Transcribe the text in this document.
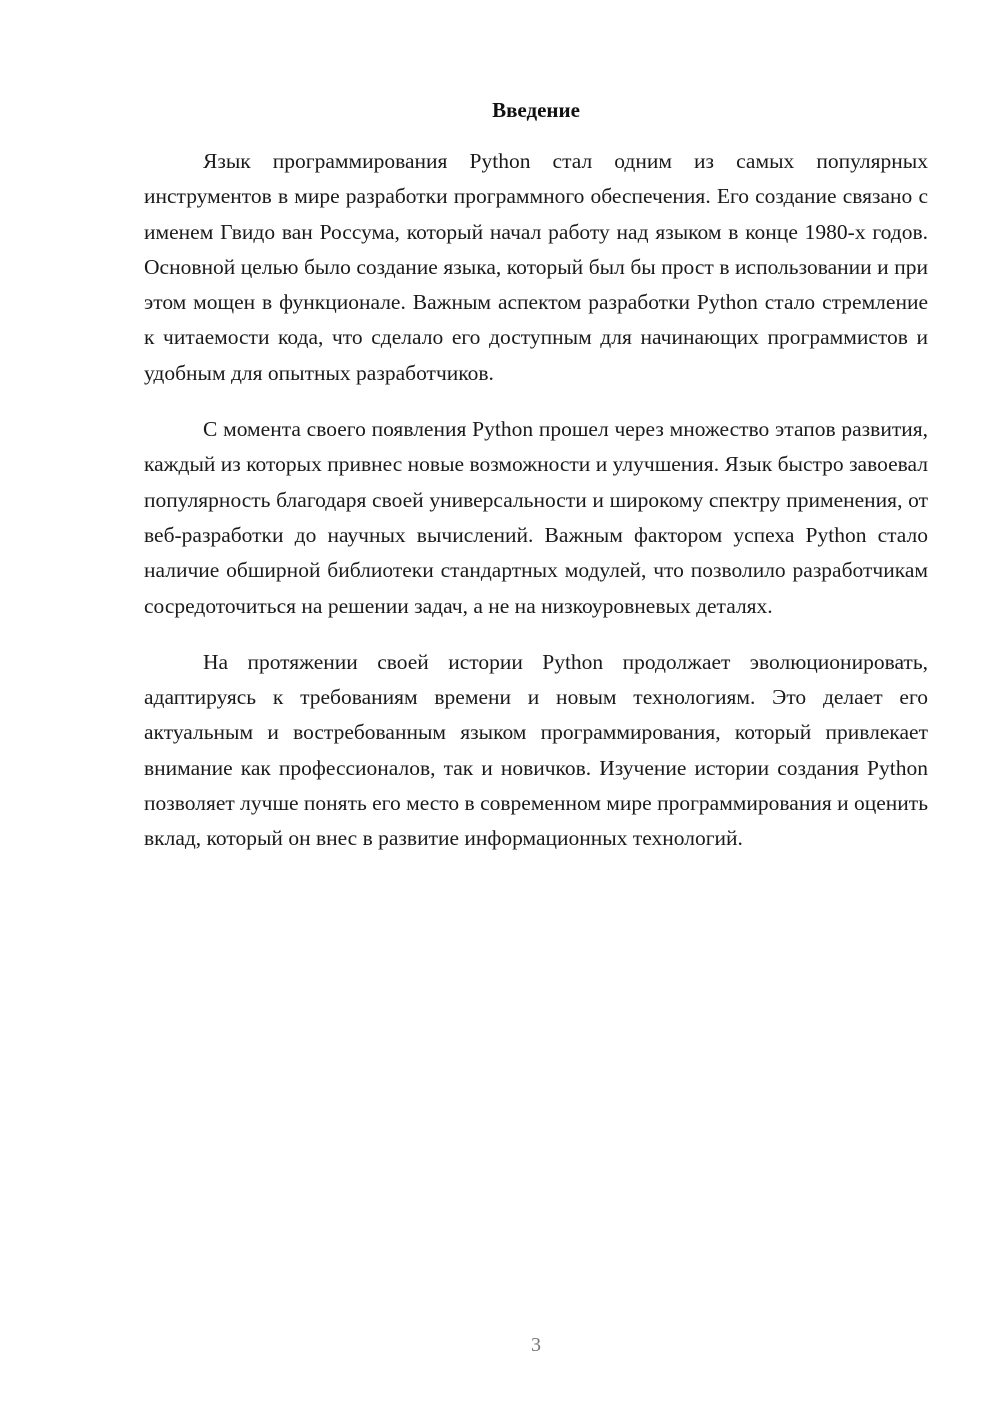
Введение

Язык программирования Python стал одним из самых популярных инструментов в мире разработки программного обеспечения. Его создание связано с именем Гвидо ван Россума, который начал работу над языком в конце 1980-х годов. Основной целью было создание языка, который был бы прост в использовании и при этом мощен в функционале. Важным аспектом разработки Python стало стремление к читаемости кода, что сделало его доступным для начинающих программистов и удобным для опытных разработчиков.

С момента своего появления Python прошел через множество этапов развития, каждый из которых привнес новые возможности и улучшения. Язык быстро завоевал популярность благодаря своей универсальности и широкому спектру применения, от веб-разработки до научных вычислений. Важным фактором успеха Python стало наличие обширной библиотеки стандартных модулей, что позволило разработчикам сосредоточиться на решении задач, а не на низкоуровневых деталях.

На протяжении своей истории Python продолжает эволюционировать, адаптируясь к требованиям времени и новым технологиям. Это делает его актуальным и востребованным языком программирования, который привлекает внимание как профессионалов, так и новичков. Изучение истории создания Python позволяет лучше понять его место в современном мире программирования и оценить вклад, который он внес в развитие информационных технологий.

3
